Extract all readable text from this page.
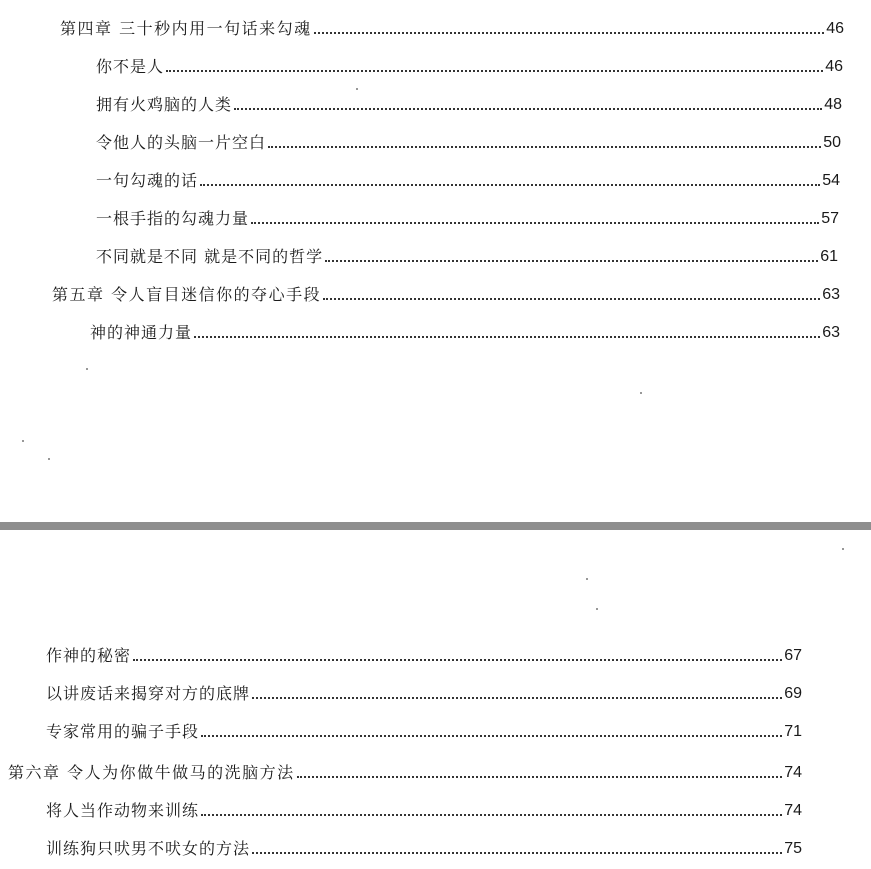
第四章 三十秒内用一句话来勾魂	46
你不是人	46
拥有火鸡脑的人类	48
令他人的头脑一片空白	50
一句勾魂的话	54
一根手指的勾魂力量	57
不同就是不同 就是不同的哲学	61
第五章 令人盲目迷信你的夺心手段	63
神的神通力量	63
作神的秘密	67
以讲废话来揭穿对方的底牌	69
专家常用的骗子手段	71
第六章 令人为你做牛做马的洗脑方法	74
将人当作动物来训练	74
训练狗只吠男不吠女的方法	75
